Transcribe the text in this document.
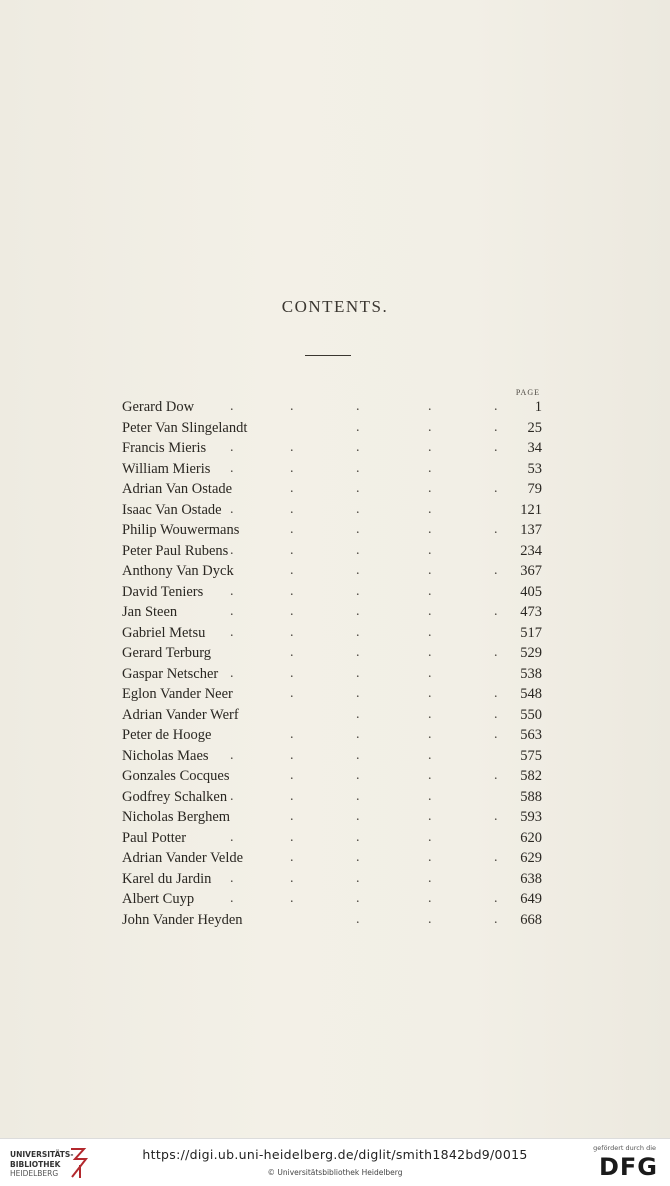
CONTENTS.
PAGE
Gerard Dow	.	.	.	.	.	1
Peter Van Slingelandt	.	.	. 25
Francis Mieris .	.	.	.	. 34
William Mieris .	.	.	.	53
Adrian Van Ostade	.	.	.	. 79
Isaac Van Ostade .	.	.	.	121
Philip Wouwermans	.	.	.	. 137
Peter Paul Rubens .	.	.	.	234
Anthony Van Dyck	.	.	.	. 367
David Teniers .	.	.	.	405
Jan Steen	.	.	.	.	. 473
Gabriel Metsu .	.	.	.	517
Gerard Terburg	.	.	.	. 529
Gaspar Netscher .	.	.	.	538
Eglon Vander Neer	.	.	.	. 548
Adrian Vander Werf	.	.	. 550
Peter de Hooge	.	.	.	. 563
Nicholas Maes .	.	.	.	575
Gonzales Cocques	.	.	.	. 582
Godfrey Schalken .	.	.	.	588
Nicholas Berghem	.	.	.	. 593
Paul Potter	.	.	.	.	620
Adrian Vander Velde	.	.	.	. 629
Karel du Jardin .	.	.	.	638
Albert Cuyp	.	.	.	.	. 649
John Vander Heyden	.	.	. 668
UNIVERSITÄTS-
BIBLIOTHEK
HEIDELBERG
https://digi.ub.uni-heidelberg.de/diglit/smith1842bd9/0015
© Universitätsbibliothek Heidelberg
gefördert durch die
DFG
